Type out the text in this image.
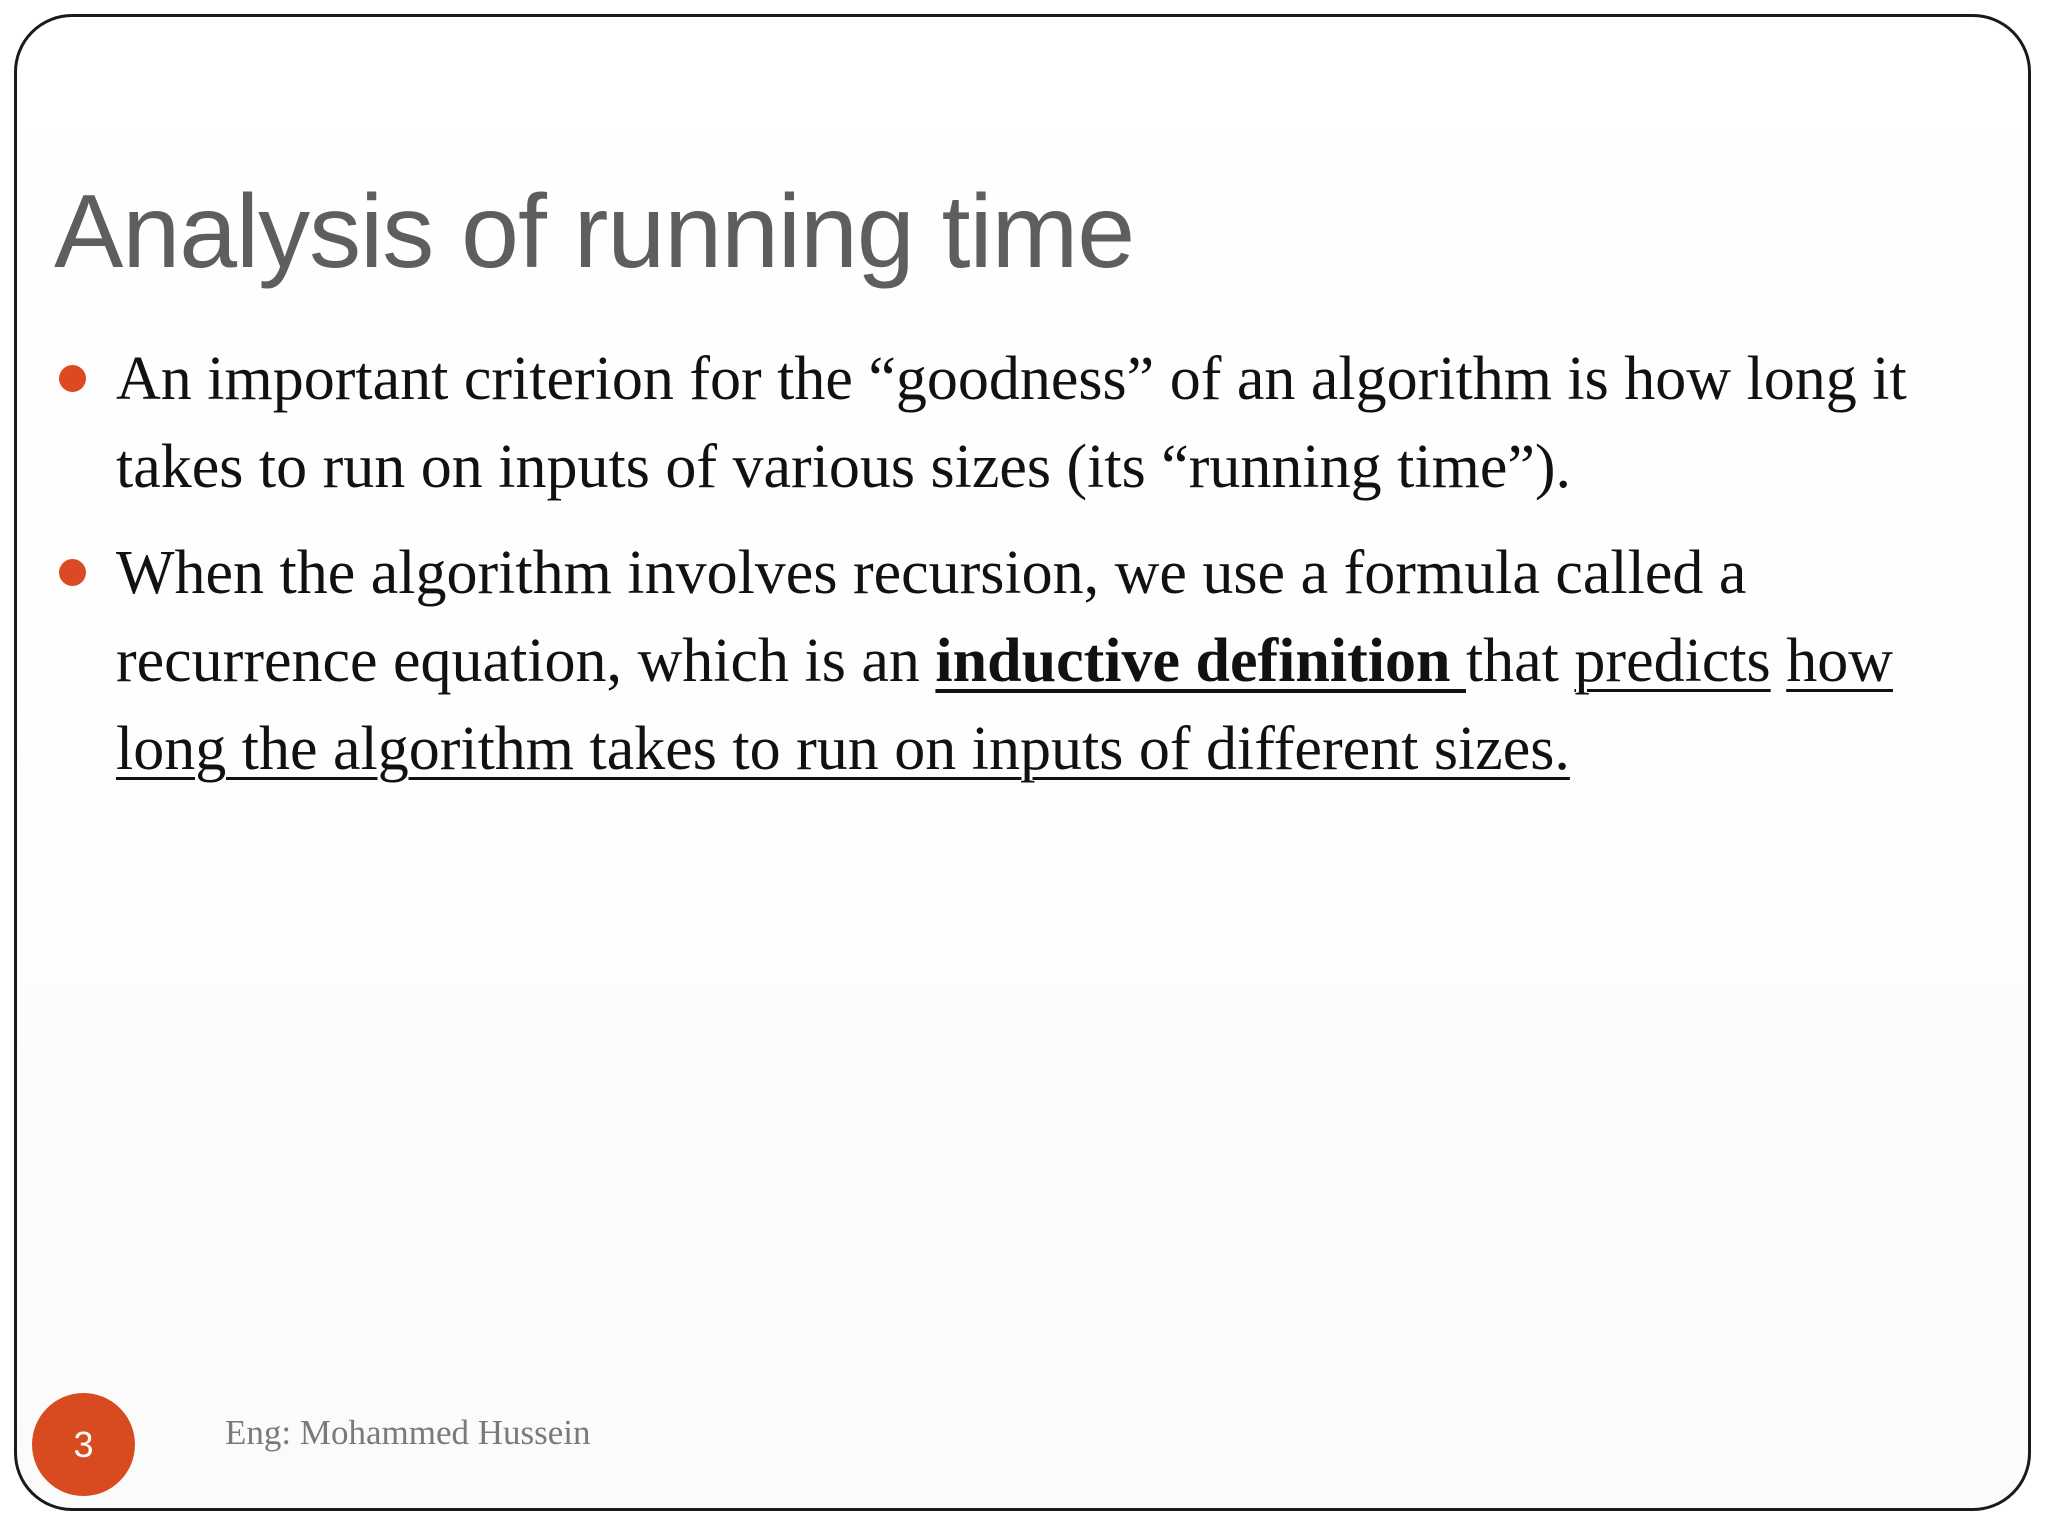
Analysis of running time
An important criterion for the “goodness” of an algorithm is how long it takes to run on inputs of various sizes (its “running time”).
When the algorithm involves recursion, we use a formula called a recurrence equation, which is an inductive definition that predicts how long the algorithm takes to run on inputs of different sizes.
3	Eng: Mohammed Hussein
